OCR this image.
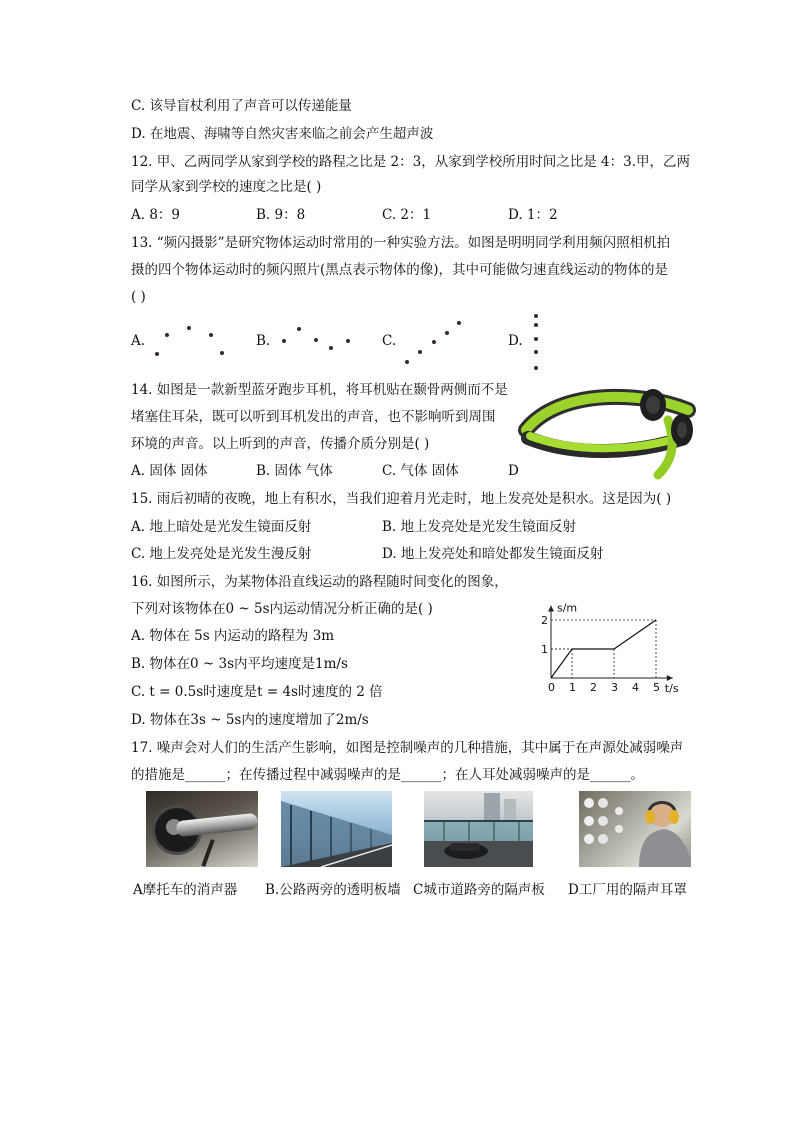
C. 该导盲杖利用了声音可以传递能量
D. 在地震、海啸等自然灾害来临之前会产生超声波
12. 甲、乙两同学从家到学校的路程之比是 2：3，从家到学校所用时间之比是 4：3.甲，乙两
同学从家到学校的速度之比是( )
A. 8：9	B. 9：8	C. 2：1	D. 1：2
13. “频闪摄影”是研究物体运动时常用的一种实验方法。如图是明明同学利用频闪照相机拍
摄的四个物体运动时的频闪照片(黑点表示物体的像)，其中可能做匀速直线运动的物体的是
( )
A.	B.	C.	D.
14. 如图是一款新型蓝牙跑步耳机，将耳机贴在颞骨两侧而不是
堵塞住耳朵，既可以听到耳机发出的声音，也不影响听到周围
环境的声音。以上听到的声音，传播介质分别是( )
A. 固体 固体	B. 固体 气体	C. 气体 固体	D
15. 雨后初晴的夜晚，地上有积水，当我们迎着月光走时，地上发亮处是积水。这是因为( )
A. 地上暗处是光发生镜面反射	B. 地上发亮处是光发生镜面反射
C. 地上发亮处是光发生漫反射	D. 地上发亮处和暗处都发生镜面反射
16. 如图所示，为某物体沿直线运动的路程随时间变化的图象，
下列对该物体在0 ~ 5s内运动情况分析正确的是( )
A. 物体在 5s 内运动的路程为 3m
B. 物体在0 ~ 3s内平均速度是1m/s
C. t = 0.5s时速度是t = 4s时速度的 2 倍
D. 物体在3s ~ 5s内的速度增加了2m/s
s/m
t/s
0 1 2 3 4 5
1
2
17. 噪声会对人们的生活产生影响，如图是控制噪声的几种措施，其中属于在声源处减弱噪声
的措施是______；在传播过程中减弱噪声的是______；在人耳处减弱噪声的是______。
A摩托车的消声器 B.公路两旁的透明板墙 C城市道路旁的隔声板 D工厂用的隔声耳罩
